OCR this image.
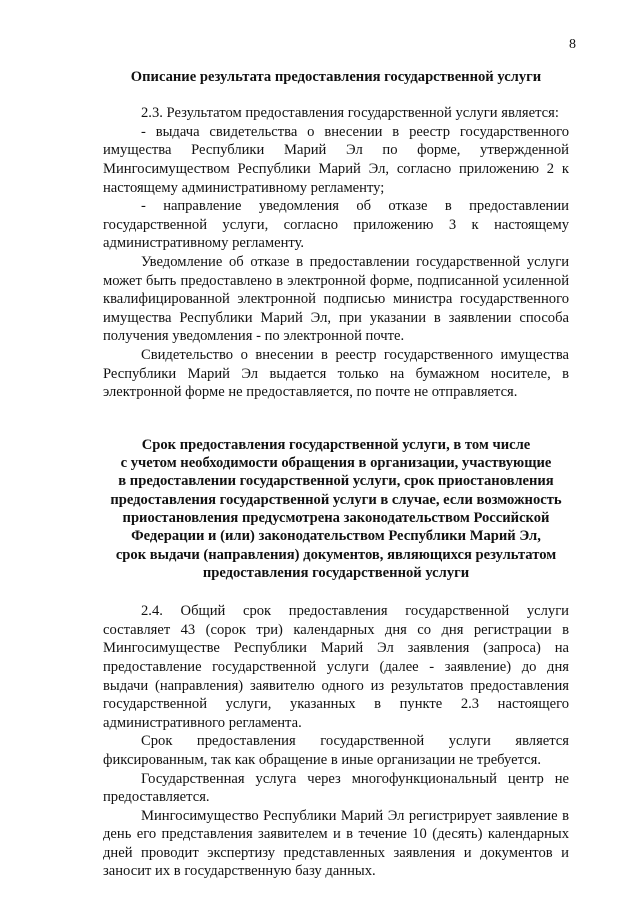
8
Описание результата предоставления государственной услуги

2.3. Результатом предоставления государственной услуги является:

- выдача свидетельства о внесении в реестр государственного имущества Республики Марий Эл по форме, утвержденной Мингосимуществом Республики Марий Эл, согласно приложению 2 к настоящему административному регламенту;

- направление уведомления об отказе в предоставлении государственной услуги, согласно приложению 3 к настоящему административному регламенту.

Уведомление об отказе в предоставлении государственной услуги может быть предоставлено в электронной форме, подписанной усиленной квалифицированной электронной подписью министра государственного имущества Республики Марий Эл, при указании в заявлении способа получения уведомления - по электронной почте.

Свидетельство о внесении в реестр государственного имущества Республики Марий Эл выдается только на бумажном носителе, в электронной форме не предоставляется, по почте не отправляется.

Срок предоставления государственной услуги, в том числе
с учетом необходимости обращения в организации, участвующие
в предоставлении государственной услуги, срок приостановления
предоставления государственной услуги в случае, если возможность
приостановления предусмотрена законодательством Российской
Федерации и (или) законодательством Республики Марий Эл,
срок выдачи (направления) документов, являющихся результатом
предоставления государственной услуги

2.4. Общий срок предоставления государственной услуги составляет 43 (сорок три) календарных дня со дня регистрации в Мингосимуществе Республики Марий Эл заявления (запроса) на предоставление государственной услуги (далее - заявление) до дня выдачи (направления) заявителю одного из результатов предоставления государственной услуги, указанных в пункте 2.3 настоящего административного регламента.

Срок предоставления государственной услуги является фиксированным, так как обращение в иные организации не требуется.

Государственная услуга через многофункциональный центр не предоставляется.

Мингосимущество Республики Марий Эл регистрирует заявление в день его представления заявителем и в течение 10 (десять) календарных дней проводит экспертизу представленных заявления и документов и заносит их в государственную базу данных.
